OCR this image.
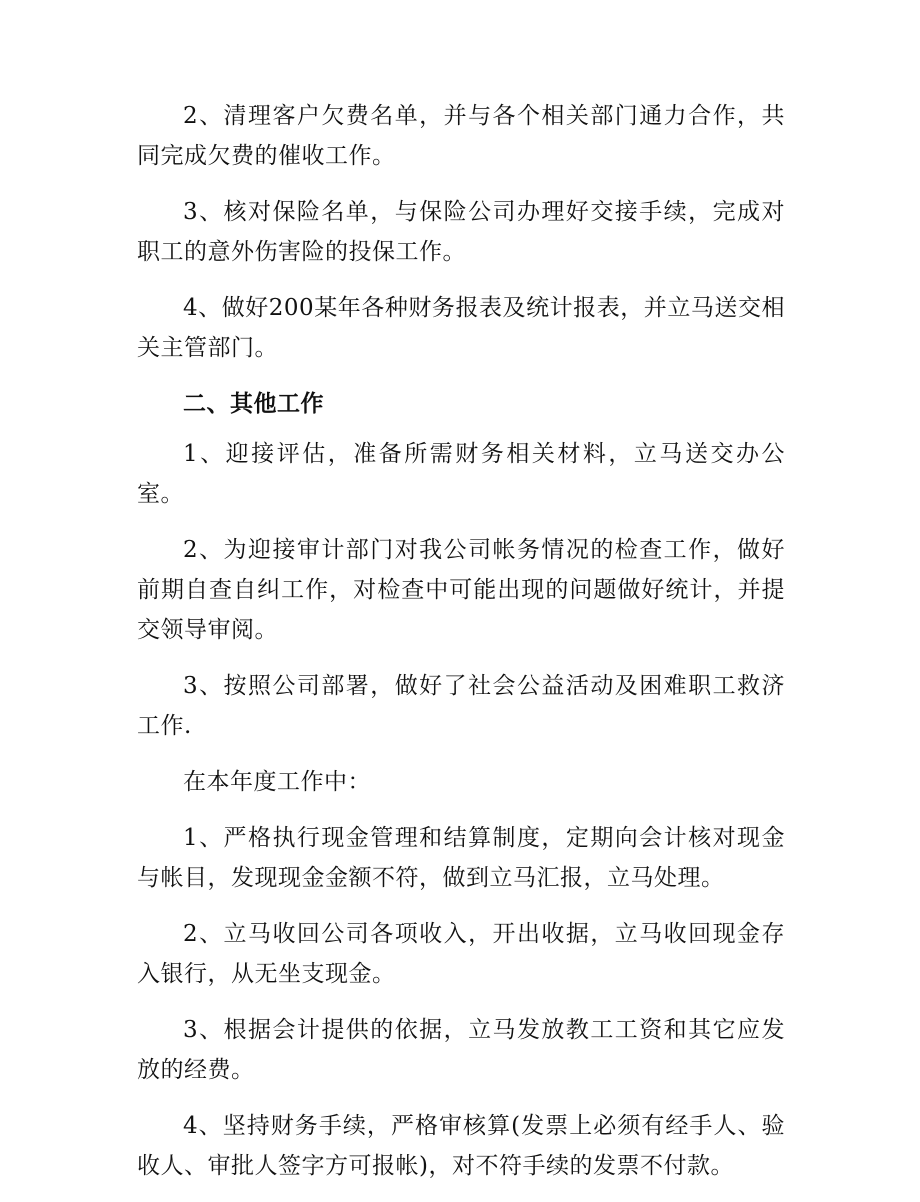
2、清理客户欠费名单，并与各个相关部门通力合作，共同完成欠费的催收工作。

3、核对保险名单，与保险公司办理好交接手续，完成对职工的意外伤害险的投保工作。

4、做好200某年各种财务报表及统计报表，并立马送交相关主管部门。

二、其他工作

1、迎接评估，准备所需财务相关材料，立马送交办公室。

2、为迎接审计部门对我公司帐务情况的检查工作，做好前期自查自纠工作，对检查中可能出现的问题做好统计，并提交领导审阅。

3、按照公司部署，做好了社会公益活动及困难职工救济工作.

在本年度工作中：

1、严格执行现金管理和结算制度，定期向会计核对现金与帐目，发现现金金额不符，做到立马汇报，立马处理。

2、立马收回公司各项收入，开出收据，立马收回现金存入银行，从无坐支现金。

3、根据会计提供的依据，立马发放教工工资和其它应发放的经费。

4、坚持财务手续，严格审核算(发票上必须有经手人、验收人、审批人签字方可报帐)，对不符手续的发票不付款。
